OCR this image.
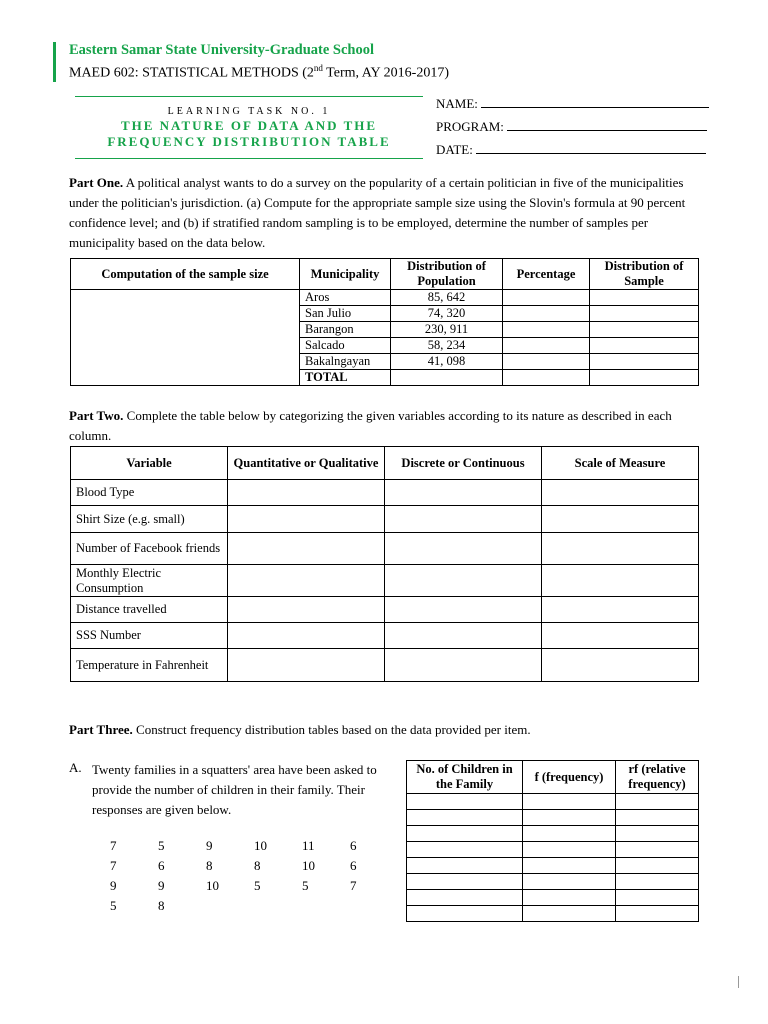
Eastern Samar State University-Graduate School
MAED 602: STATISTICAL METHODS (2nd Term, AY 2016-2017)
LEARNING TASK NO. 1
THE NATURE OF DATA AND THE
FREQUENCY DISTRIBUTION TABLE
NAME:
PROGRAM:
DATE:
Part One. A political analyst wants to do a survey on the popularity of a certain politician in five of the municipalities under the politician's jurisdiction. (a) Compute for the appropriate sample size using the Slovin's formula at 90 percent confidence level; and (b) if stratified random sampling is to be employed, determine the number of samples per municipality based on the data below.
Computation of the sample size	Municipality	Distribution of Population	Percentage	Distribution of Sample
	Aros	85, 642		
	San Julio	74, 320		
	Barangon	230, 911		
	Salcado	58, 234		
	Bakalngayan	41, 098		
	TOTAL			
Part Two. Complete the table below by categorizing the given variables according to its nature as described in each column.
Variable	Quantitative or Qualitative	Discrete or Continuous	Scale of Measure
Blood Type			
Shirt Size (e.g. small)			
Number of Facebook friends			
Monthly Electric Consumption			
Distance travelled			
SSS Number			
Temperature in Fahrenheit			
Part Three. Construct frequency distribution tables based on the data provided per item.
A. Twenty families in a squatters' area have been asked to provide the number of children in their family. Their responses are given below.
7	5	9	10	11	6
7	6	8	8	10	6
9	9	10	5	5	7
5	8
No. of Children in the Family	f (frequency)	rf (relative frequency)
